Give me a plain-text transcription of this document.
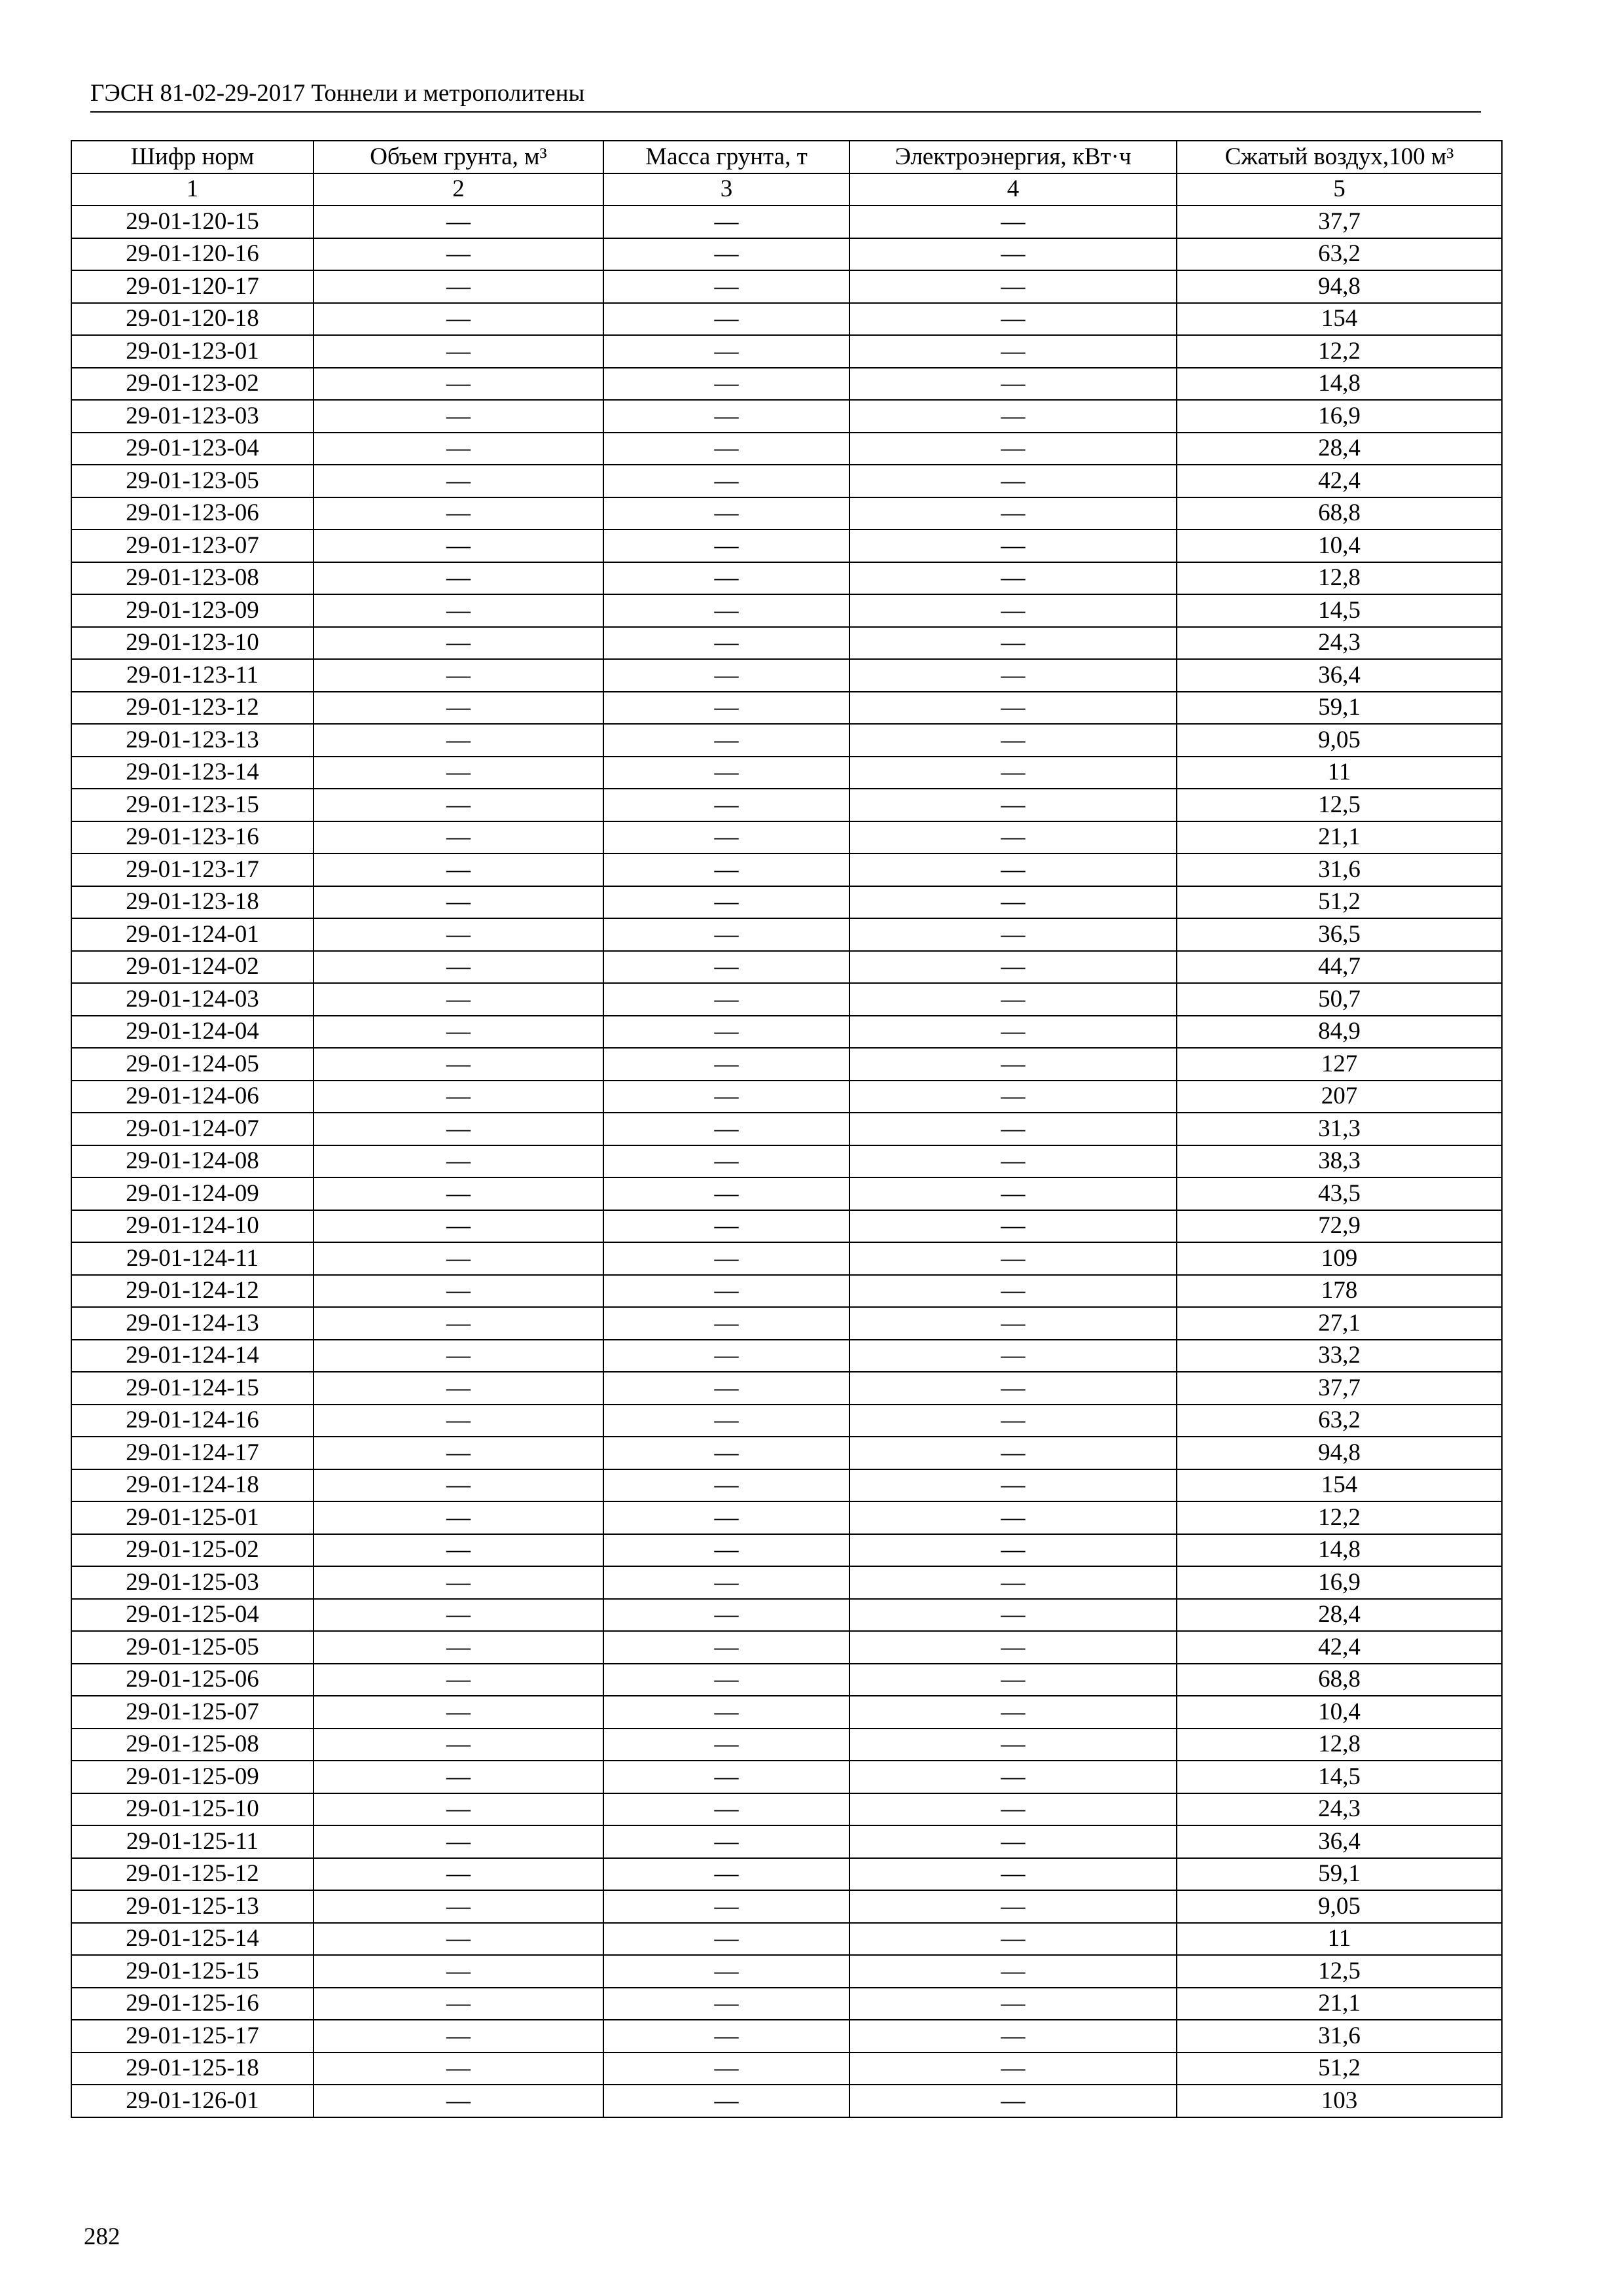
ГЭСН 81-02-29-2017 Тоннели и метрополитены
Шифр норм	Объем грунта, м³	Масса грунта, т	Электроэнергия, кВт·ч	Сжатый воздух,100 м³
1	2	3	4	5
29-01-120-15	—	—	—	37,7
29-01-120-16	—	—	—	63,2
29-01-120-17	—	—	—	94,8
29-01-120-18	—	—	—	154
29-01-123-01	—	—	—	12,2
29-01-123-02	—	—	—	14,8
29-01-123-03	—	—	—	16,9
29-01-123-04	—	—	—	28,4
29-01-123-05	—	—	—	42,4
29-01-123-06	—	—	—	68,8
29-01-123-07	—	—	—	10,4
29-01-123-08	—	—	—	12,8
29-01-123-09	—	—	—	14,5
29-01-123-10	—	—	—	24,3
29-01-123-11	—	—	—	36,4
29-01-123-12	—	—	—	59,1
29-01-123-13	—	—	—	9,05
29-01-123-14	—	—	—	11
29-01-123-15	—	—	—	12,5
29-01-123-16	—	—	—	21,1
29-01-123-17	—	—	—	31,6
29-01-123-18	—	—	—	51,2
29-01-124-01	—	—	—	36,5
29-01-124-02	—	—	—	44,7
29-01-124-03	—	—	—	50,7
29-01-124-04	—	—	—	84,9
29-01-124-05	—	—	—	127
29-01-124-06	—	—	—	207
29-01-124-07	—	—	—	31,3
29-01-124-08	—	—	—	38,3
29-01-124-09	—	—	—	43,5
29-01-124-10	—	—	—	72,9
29-01-124-11	—	—	—	109
29-01-124-12	—	—	—	178
29-01-124-13	—	—	—	27,1
29-01-124-14	—	—	—	33,2
29-01-124-15	—	—	—	37,7
29-01-124-16	—	—	—	63,2
29-01-124-17	—	—	—	94,8
29-01-124-18	—	—	—	154
29-01-125-01	—	—	—	12,2
29-01-125-02	—	—	—	14,8
29-01-125-03	—	—	—	16,9
29-01-125-04	—	—	—	28,4
29-01-125-05	—	—	—	42,4
29-01-125-06	—	—	—	68,8
29-01-125-07	—	—	—	10,4
29-01-125-08	—	—	—	12,8
29-01-125-09	—	—	—	14,5
29-01-125-10	—	—	—	24,3
29-01-125-11	—	—	—	36,4
29-01-125-12	—	—	—	59,1
29-01-125-13	—	—	—	9,05
29-01-125-14	—	—	—	11
29-01-125-15	—	—	—	12,5
29-01-125-16	—	—	—	21,1
29-01-125-17	—	—	—	31,6
29-01-125-18	—	—	—	51,2
29-01-126-01	—	—	—	103
282
